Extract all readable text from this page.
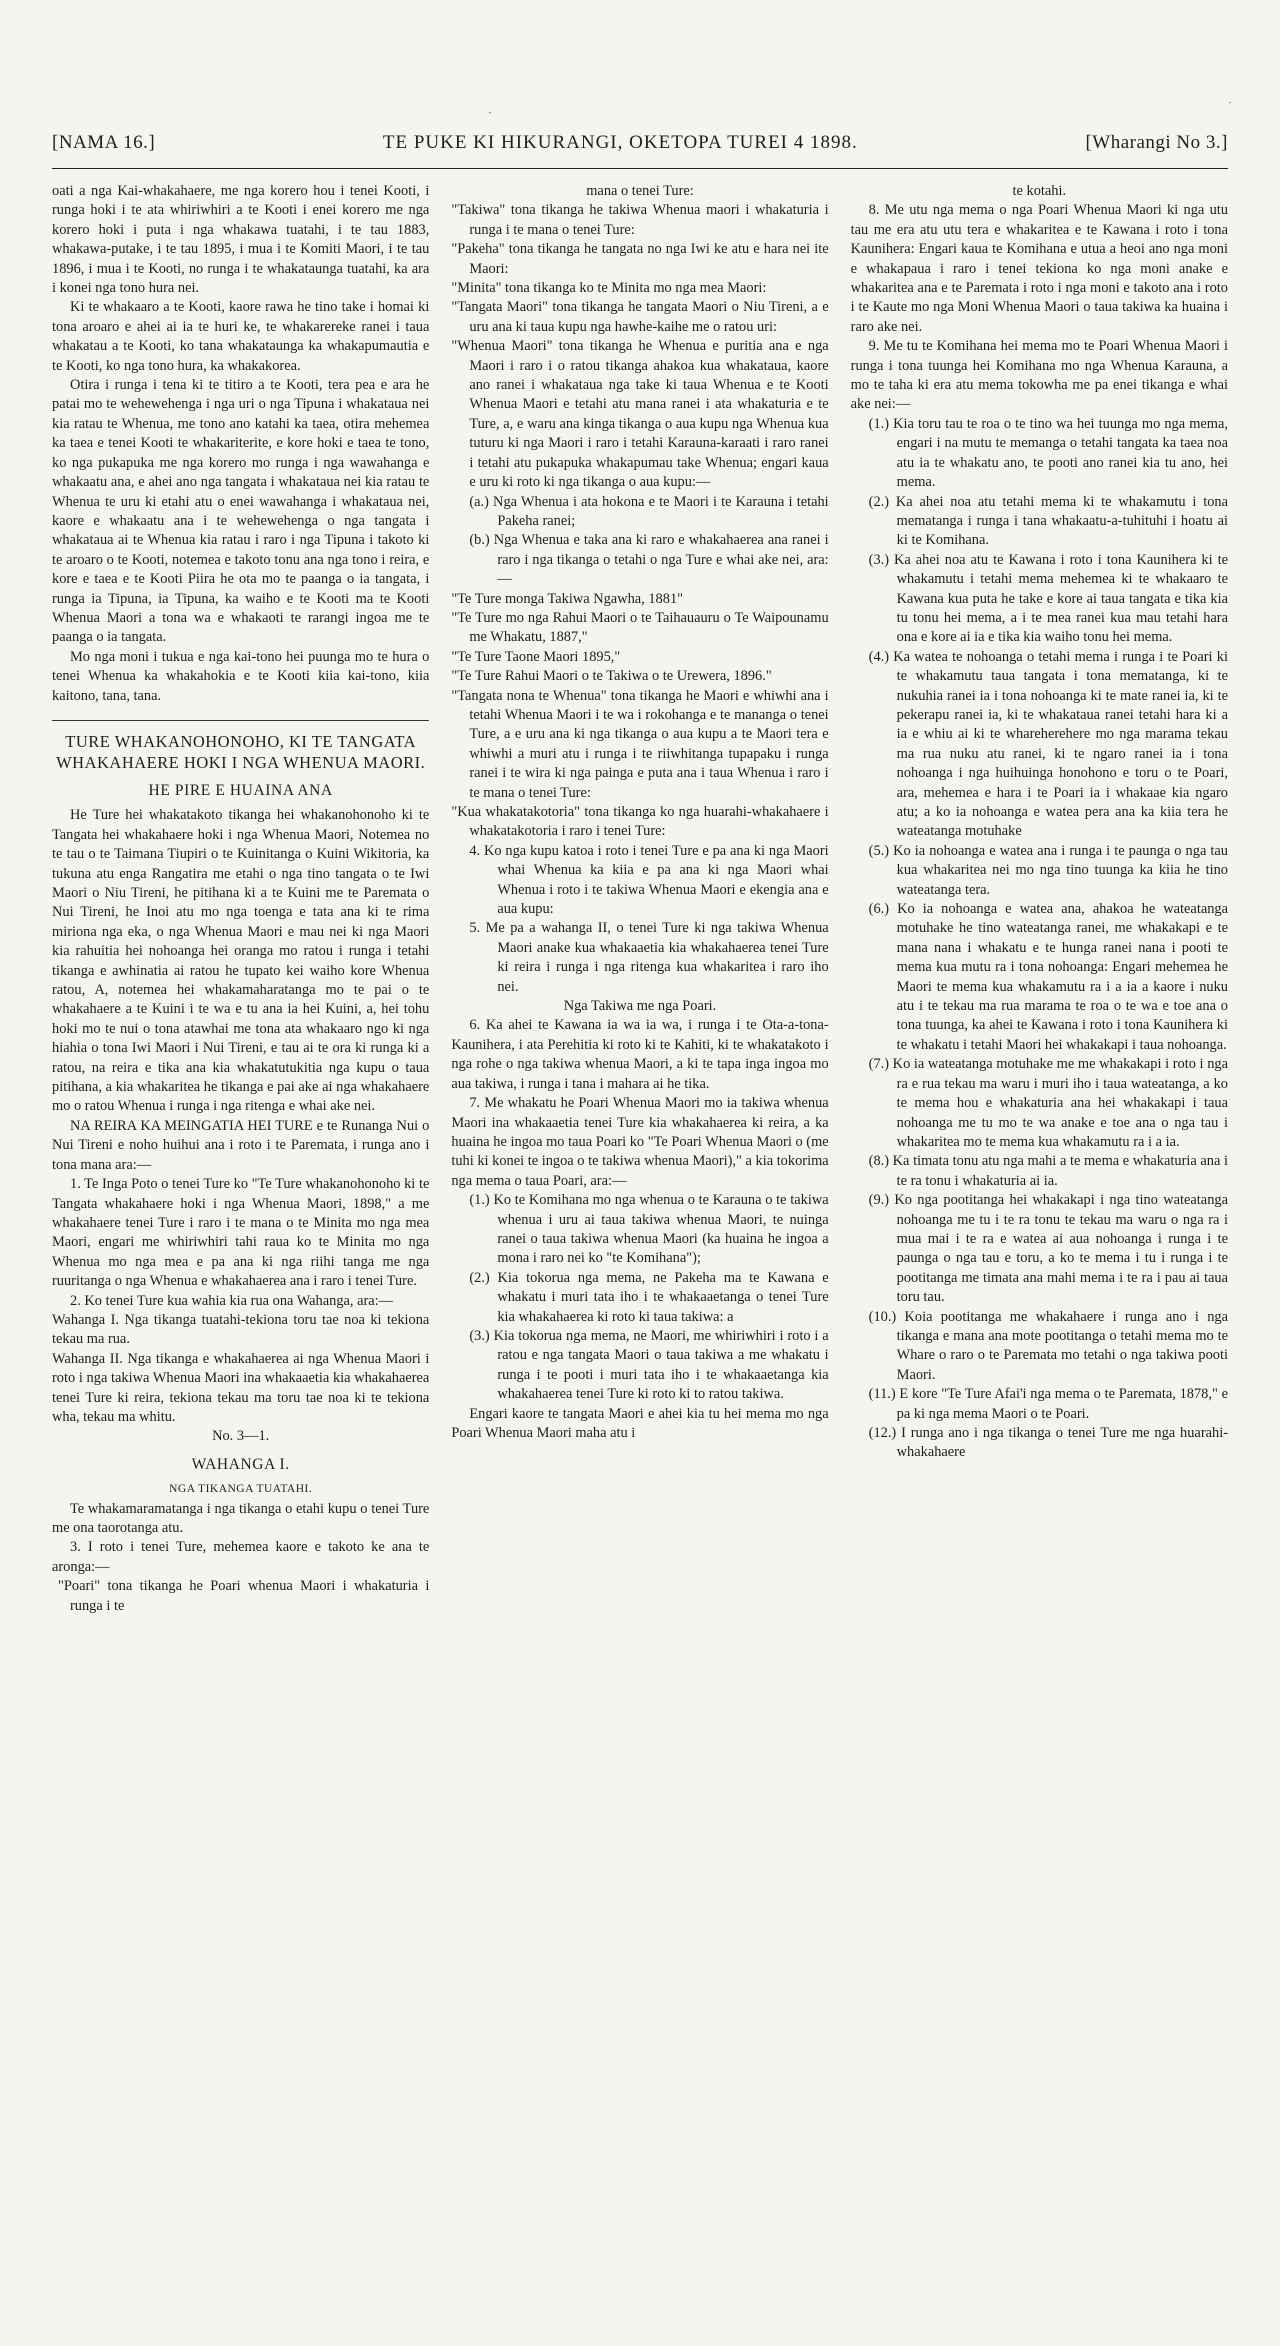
·
·
[NAMA 16.]	TE PUKE KI HIKURANGI, OKETOPA TUREI 4 1898.	[Wharangi No 3.]

oati a nga Kai-whakahaere, me nga korero hou i tenei Kooti, i runga hoki i te ata whiriwhiri a te Kooti i enei korero me nga korero hoki i puta i nga whakawa tuatahi, i te tau 1883, whakawa-putake, i te tau 1895, i mua i te Komiti Maori, i te tau 1896, i mua i te Kooti, no runga i te whakataunga tuatahi, ka ara i konei nga tono hura nei.

Ki te whakaaro a te Kooti, kaore rawa he tino take i homai ki tona aroaro e ahei ai ia te huri ke, te whakarereke ranei i taua whakatau a te Kooti, ko tana whakataunga ka whakapumautia e te Kooti, ko nga tono hura, ka whakakorea.

Otira i runga i tena ki te titiro a te Kooti, tera pea e ara he patai mo te wehewehenga i nga uri o nga Tipuna i whakataua nei kia ratau te Whenua, me tono ano katahi ka taea, otira mehemea ka taea e tenei Kooti te whakariterite, e kore hoki e taea te tono, ko nga pukapuka me nga korero mo runga i nga wawahanga e whakaatu ana, e ahei ano nga tangata i whakataua nei kia ratau te Whenua te uru ki etahi atu o enei wawahanga i whakataua nei, kaore e whakaatu ana i te wehewehenga o nga tangata i whakataua ai te Whenua kia ratau i raro i nga Tipuna i takoto ki te aroaro o te Kooti, notemea e takoto tonu ana nga tono i reira, e kore e taea e te Kooti Piira he ota mo te paanga o ia tangata, i runga ia Tipuna, ia Tipuna, ka waiho e te Kooti ma te Kooti Whenua Maori a tona wa e whakaoti te rarangi ingoa me te paanga o ia tangata.

Mo nga moni i tukua e nga kai-tono hei puunga mo te hura o tenei Whenua ka whakahokia e te Kooti kiia kai-tono, kiia kaitono, tana, tana.

TURE WHAKANOHONOHO, KI TE TANGATA WHAKAHAERE HOKI I NGA WHENUA MAORI.
HE PIRE E HUAINA ANA

He Ture hei whakatakoto tikanga hei whakanohonoho ki te Tangata hei whakahaere hoki i nga Whenua Maori, Notemea no te tau o te Taimana Tiupiri o te Kuinitanga o Kuini Wikitoria, ka tukuna atu enga Rangatira me etahi o nga tino tangata o te Iwi Maori o Niu Tireni, he pitihana ki a te Kuini me te Paremata o Nui Tireni, he Inoi atu mo nga toenga e tata ana ki te rima miriona nga eka, o nga Whenua Maori e mau nei ki nga Maori kia rahuitia hei nohoanga hei oranga mo ratou i runga i tetahi tikanga e awhinatia ai ratou he tupato kei waiho kore Whenua ratou, A, notemea hei whakamaharatanga mo te pai o te whakahaere a te Kuini i te wa e tu ana ia hei Kuini, a, hei tohu hoki mo te nui o tona atawhai me tona ata whakaaro ngo ki nga hiahia o tona Iwi Maori i Nui Tireni, e tau ai te ora ki runga ki a ratou, na reira e tika ana kia whakatutukitia nga kupu o taua pitihana, a kia whakaritea he tikanga e pai ake ai nga whakahaere mo o ratou Whenua i runga i nga ritenga e whai ake nei.

NA REIRA KA MEINGATIA HEI TURE e te Runanga Nui o Nui Tireni e noho huihui ana i roto i te Paremata, i runga ano i tona mana ara:—

1. Te Inga Poto o tenei Ture ko "Te Ture whakanohonoho ki te Tangata whakahaere hoki i nga Whenua Maori, 1898," a me whakahaere tenei Ture i raro i te mana o te Minita mo nga mea Maori, engari me whiriwhiri tahi raua ko te Minita mo nga Whenua mo nga mea e pa ana ki nga riihi tanga me nga ruuritanga o nga Whenua e whakahaerea ana i raro i tenei Ture.

2. Ko tenei Ture kua wahia kia rua ona Wahanga, ara:—

Wahanga I. Nga tikanga tuatahi-tekiona toru tae noa ki tekiona tekau ma rua.

Wahanga II. Nga tikanga e whakahaerea ai nga Whenua Maori i roto i nga takiwa Whenua Maori ina whakaaetia kia whakahaerea tenei Ture ki reira, tekiona tekau ma toru tae noa ki te tekiona wha, tekau ma whitu.

No. 3—1.

WAHANGA I.
NGA TIKANGA TUATAHI.

Te whakamaramatanga i nga tikanga o etahi kupu o tenei Ture me ona taorotanga atu.

3. I roto i tenei Ture, mehemea kaore e takoto ke ana te aronga:—

"Poari" tona tikanga he Poari whenua Maori i whakaturia i runga i te

mana o tenei Ture:

"Takiwa" tona tikanga he takiwa Whenua maori i whakaturia i runga i te mana o tenei Ture:

"Pakeha" tona tikanga he tangata no nga Iwi ke atu e hara nei ite Maori:

"Minita" tona tikanga ko te Minita mo nga mea Maori:

"Tangata Maori" tona tikanga he tangata Maori o Niu Tireni, a e uru ana ki taua kupu nga hawhe-kaihe me o ratou uri:

"Whenua Maori" tona tikanga he Whenua e puritia ana e nga Maori i raro i o ratou tikanga ahakoa kua whakataua, kaore ano ranei i whakataua nga take ki taua Whenua e te Kooti Whenua Maori e tetahi atu mana ranei i ata whakaturia e te Ture, a, e waru ana kinga tikanga o aua kupu nga Whenua kua tuturu ki nga Maori i raro i tetahi Karauna-karaati i raro ranei i tetahi atu pukapuka whakapumau take Whenua; engari kaua e uru ki roto ki nga tikanga o aua kupu:—

(a.) Nga Whenua i ata hokona e te Maori i te Karauna i tetahi Pakeha ranei;

(b.) Nga Whenua e taka ana ki raro e whakahaerea ana ranei i raro i nga tikanga o tetahi o nga Ture e whai ake nei, ara:—

"Te Ture monga Takiwa Ngawha, 1881"

"Te Ture mo nga Rahui Maori o te Taihauauru o Te Waipounamu me Whakatu, 1887,"

"Te Ture Taone Maori 1895,"

"Te Ture Rahui Maori o te Takiwa o te Urewera, 1896."

"Tangata nona te Whenua" tona tikanga he Maori e whiwhi ana i tetahi Whenua Maori i te wa i rokohanga e te mananga o tenei Ture, a e uru ana ki nga tikanga o aua kupu a te Maori tera e whiwhi a muri atu i runga i te riiwhitanga tupapaku i runga ranei i te wira ki nga painga e puta ana i taua Whenua i raro i te mana o tenei Ture:

"Kua whakatakotoria" tona tikanga ko nga huarahi-whakahaere i whakatakotoria i raro i tenei Ture:

4. Ko nga kupu katoa i roto i tenei Ture e pa ana ki nga Maori whai Whenua ka kiia e pa ana ki nga Maori whai Whenua i roto i te takiwa Whenua Maori e ekengia ana e aua kupu:

5. Me pa a wahanga II, o tenei Ture ki nga takiwa Whenua Maori anake kua whakaaetia kia whakahaerea tenei Ture ki reira i runga i nga ritenga kua whakaritea i raro iho nei.

Nga Takiwa me nga Poari.

6. Ka ahei te Kawana ia wa ia wa, i runga i te Ota-a-tona-Kaunihera, i ata Perehitia ki roto ki te Kahiti, ki te whakatakoto i nga rohe o nga takiwa whenua Maori, a ki te tapa inga ingoa mo aua takiwa, i runga i tana i mahara ai he tika.

7. Me whakatu he Poari Whenua Maori mo ia takiwa whenua Maori ina whakaaetia tenei Ture kia whakahaerea ki reira, a ka huaina he ingoa mo taua Poari ko "Te Poari Whenua Maori o (me tuhi ki konei te ingoa o te takiwa whenua Maori)," a kia tokorima nga mema o taua Poari, ara:—

(1.) Ko te Komihana mo nga whenua o te Karauna o te takiwa whenua i uru ai taua takiwa whenua Maori, te nuinga ranei o taua takiwa whenua Maori (ka huaina he ingoa a mona i raro nei ko "te Komihana");

(2.) Kia tokorua nga mema, ne Pakeha ma te Kawana e whakatu i muri tata iho i te whakaaetanga o tenei Ture kia whakahaerea ki roto ki taua takiwa: a

(3.) Kia tokorua nga mema, ne Maori, me whiriwhiri i roto i a ratou e nga tangata Maori o taua takiwa a me whakatu i runga i te pooti i muri tata iho i te whakaaetanga kia whakahaerea tenei Ture ki roto ki to ratou takiwa.

Engari kaore te tangata Maori e ahei kia tu hei mema mo nga Poari Whenua Maori maha atu i

te kotahi.

8. Me utu nga mema o nga Poari Whenua Maori ki nga utu tau me era atu utu tera e whakaritea e te Kawana i roto i tona Kaunihera: Engari kaua te Komihana e utua a heoi ano nga moni e whakapaua i raro i tenei tekiona ko nga moni anake e whakaritea ana e te Paremata i roto i nga moni e takoto ana i roto i te Kaute mo nga Moni Whenua Maori o taua takiwa ka huaina i raro ake nei.

9. Me tu te Komihana hei mema mo te Poari Whenua Maori i runga i tona tuunga hei Komihana mo nga Whenua Karauna, a mo te taha ki era atu mema tokowha me pa enei tikanga e whai ake nei:—

(1.) Kia toru tau te roa o te tino wa hei tuunga mo nga mema, engari i na mutu te memanga o tetahi tangata ka taea noa atu ia te whakatu ano, te pooti ano ranei kia tu ano, hei mema.

(2.) Ka ahei noa atu tetahi mema ki te whakamutu i tona mematanga i runga i tana whakaatu-a-tuhituhi i hoatu ai ki te Komihana.

(3.) Ka ahei noa atu te Kawana i roto i tona Kaunihera ki te whakamutu i tetahi mema mehemea ki te whakaaro te Kawana kua puta he take e kore ai taua tangata e tika kia tu tonu hei mema, a i te mea ranei kua mau tetahi hara ona e kore ai ia e tika kia waiho tonu hei mema.

(4.) Ka watea te nohoanga o tetahi mema i runga i te Poari ki te whakamutu taua tangata i tona mematanga, ki te nukuhia ranei ia i tona nohoanga ki te mate ranei ia, ki te pekerapu ranei ia, ki te whakataua ranei tetahi hara ki a ia e whiu ai ki te whareherehere mo nga marama tekau ma rua nuku atu ranei, ki te ngaro ranei ia i tona nohoanga i nga huihuinga honohono e toru o te Poari, ara, mehemea e hara i te Poari ia i whakaae kia ngaro atu; a ko ia nohoanga e watea pera ana ka kiia tera he wateatanga motuhake

(5.) Ko ia nohoanga e watea ana i runga i te paunga o nga tau kua whakaritea nei mo nga tino tuunga ka kiia he tino wateatanga tera.

(6.) Ko ia nohoanga e watea ana, ahakoa he wateatanga motuhake he tino wateatanga ranei, me whakakapi e te mana nana i whakatu e te hunga ranei nana i pooti te mema kua mutu ra i tona nohoanga: Engari mehemea he Maori te mema kua whakamutu ra i a ia a kaore i nuku atu i te tekau ma rua marama te roa o te wa e toe ana o tona tuunga, ka ahei te Kawana i roto i tona Kaunihera ki te whakatu i tetahi Maori hei whakakapi i taua nohoanga.

(7.) Ko ia wateatanga motuhake me me whakakapi i roto i nga ra e rua tekau ma waru i muri iho i taua wateatanga, a ko te mema hou e whakaturia ana hei whakakapi i taua nohoanga me tu mo te wa anake e toe ana o nga tau i whakaritea mo te mema kua whakamutu ra i a ia.

(8.) Ka timata tonu atu nga mahi a te mema e whakaturia ana i te ra tonu i whakaturia ai ia.

(9.) Ko nga pootitanga hei whakakapi i nga tino wateatanga nohoanga me tu i te ra tonu te tekau ma waru o nga ra i mua mai i te ra e watea ai aua nohoanga i runga i te paunga o nga tau e toru, a ko te mema i tu i runga i te pootitanga me timata ana mahi mema i te ra i pau ai taua toru tau.

(10.) Koia pootitanga me whakahaere i runga ano i nga tikanga e mana ana mote pootitanga o tetahi mema mo te Whare o raro o te Paremata mo tetahi o nga takiwa pooti Maori.

(11.) E kore "Te Ture Afai'i nga mema o te Paremata, 1878," e pa ki nga mema Maori o te Poari.

(12.) I runga ano i nga tikanga o tenei Ture me nga huarahi-whakahaere
